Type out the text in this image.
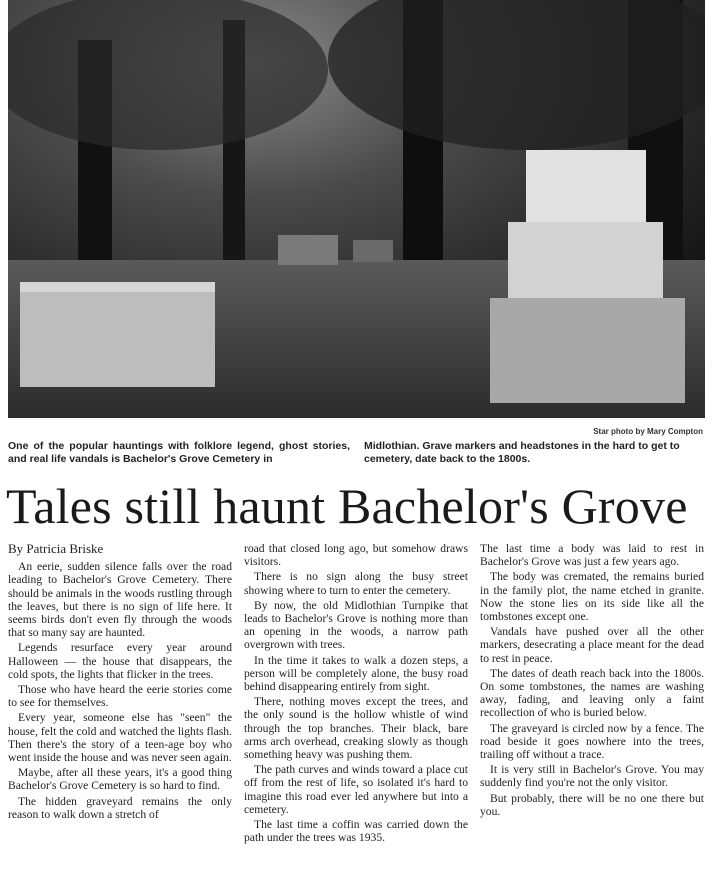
Star photo by Mary Compton
One of the popular hauntings with folklore legend, ghost stories, and real life vandals is Bachelor's Grove Cemetery in
Midlothian. Grave markers and headstones in the hard to get to cemetery, date back to the 1800s.
Tales still haunt Bachelor's Grove
By Patricia Briske

An eerie, sudden silence falls over the road leading to Bachelor's Grove Cemetery. There should be animals in the woods rustling through the leaves, but there is no sign of life here. It seems birds don't even fly through the woods that so many say are haunted.

Legends resurface every year around Halloween — the house that disappears, the cold spots, the lights that flicker in the trees.

Those who have heard the eerie stories come to see for themselves.

Every year, someone else has "seen" the house, felt the cold and watched the lights flash. Then there's the story of a teen-age boy who went inside the house and was never seen again.

Maybe, after all these years, it's a good thing Bachelor's Grove Cemetery is so hard to find.

The hidden graveyard remains the only reason to walk down a stretch of

road that closed long ago, but somehow draws visitors.

There is no sign along the busy street showing where to turn to enter the cemetery.

By now, the old Midlothian Turnpike that leads to Bachelor's Grove is nothing more than an opening in the woods, a narrow path overgrown with trees.

In the time it takes to walk a dozen steps, a person will be completely alone, the busy road behind disappearing entirely from sight.

There, nothing moves except the trees, and the only sound is the hollow whistle of wind through the top branches. Their black, bare arms arch overhead, creaking slowly as though something heavy was pushing them.

The path curves and winds toward a place cut off from the rest of life, so isolated it's hard to imagine this road ever led anywhere but into a cemetery.

The last time a coffin was carried down the path under the trees was 1935.

The last time a body was laid to rest in Bachelor's Grove was just a few years ago.

The body was cremated, the remains buried in the family plot, the name etched in granite. Now the stone lies on its side like all the tombstones except one.

Vandals have pushed over all the other markers, desecrating a place meant for the dead to rest in peace.

The dates of death reach back into the 1800s. On some tombstones, the names are washing away, fading, and leaving only a faint recollection of who is buried below.

The graveyard is circled now by a fence. The road beside it goes nowhere into the trees, trailing off without a trace.

It is very still in Bachelor's Grove. You may suddenly find you're not the only visitor.

But probably, there will be no one there but you.
